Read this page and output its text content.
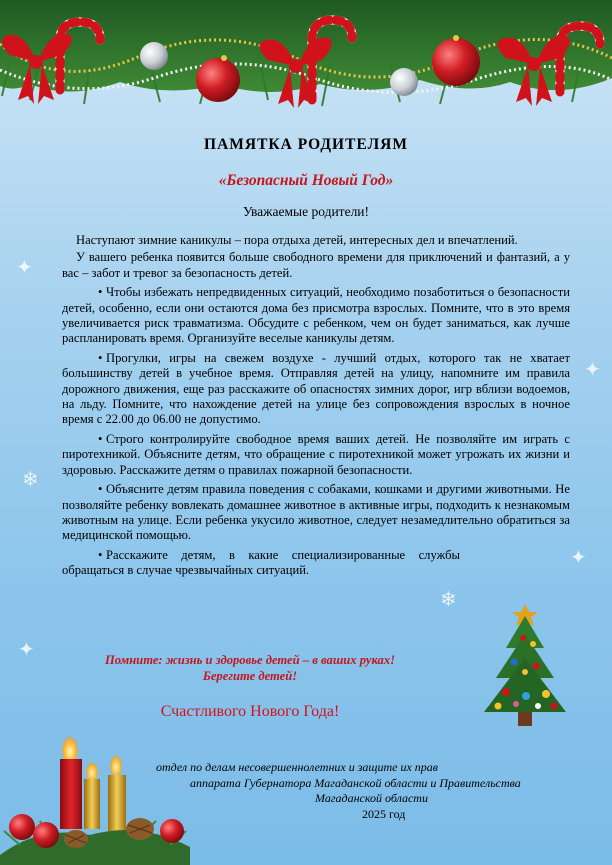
✦
✦
❄
✦
✦
❄
ПАМЯТКА РОДИТЕЛЯМ
«Безопасный Новый Год»
Уважаемые родители!

Наступают зимние каникулы – пора отдыха детей, интересных дел и впечатлений.

У вашего ребенка появится больше свободного времени для приключений и фантазий, а у вас – забот и тревог за безопасность детей.

• Чтобы избежать непредвиденных ситуаций, необходимо позаботиться о безопасности детей, особенно, если они остаются дома без присмотра взрослых. Помните, что в это время увеличивается риск травматизма. Обсудите с ребенком, чем он будет заниматься, как лучше распланировать время. Организуйте веселые каникулы детям.

• Прогулки, игры на свежем воздухе - лучший отдых, которого так не хватает большинству детей в учебное время. Отправляя детей на улицу, напомните им правила дорожного движения, еще раз расскажите об опасностях зимних дорог, игр вблизи водоемов, на льду. Помните, что нахождение детей на улице без сопровождения взрослых в ночное время с 22.00 до 06.00 не допустимо.

• Строго контролируйте свободное время ваших детей. Не позволяйте им играть с пиротехникой. Объясните детям, что обращение с пиротехникой может угрожать их жизни и здоровью. Расскажите детям о правилах пожарной безопасности.

• Объясните детям правила поведения с собаками, кошками и другими животными. Не позволяйте ребенку вовлекать домашнее животное в активные игры, подходить к незнакомым животным на улице. Если ребенка укусило животное, следует незамедлительно обратиться за медицинской помощью.

• Расскажите детям, в какие специализированные службы обращаться в случае чрезвычайных ситуаций.

Помните: жизнь и здоровье детей – в ваших руках!
Берегите детей!
Счастливого Нового Года!
отдел по делам несовершеннолетних и защите их прав
аппарата Губернатора Магаданской области и Правительства
Магаданской области
2025 год
